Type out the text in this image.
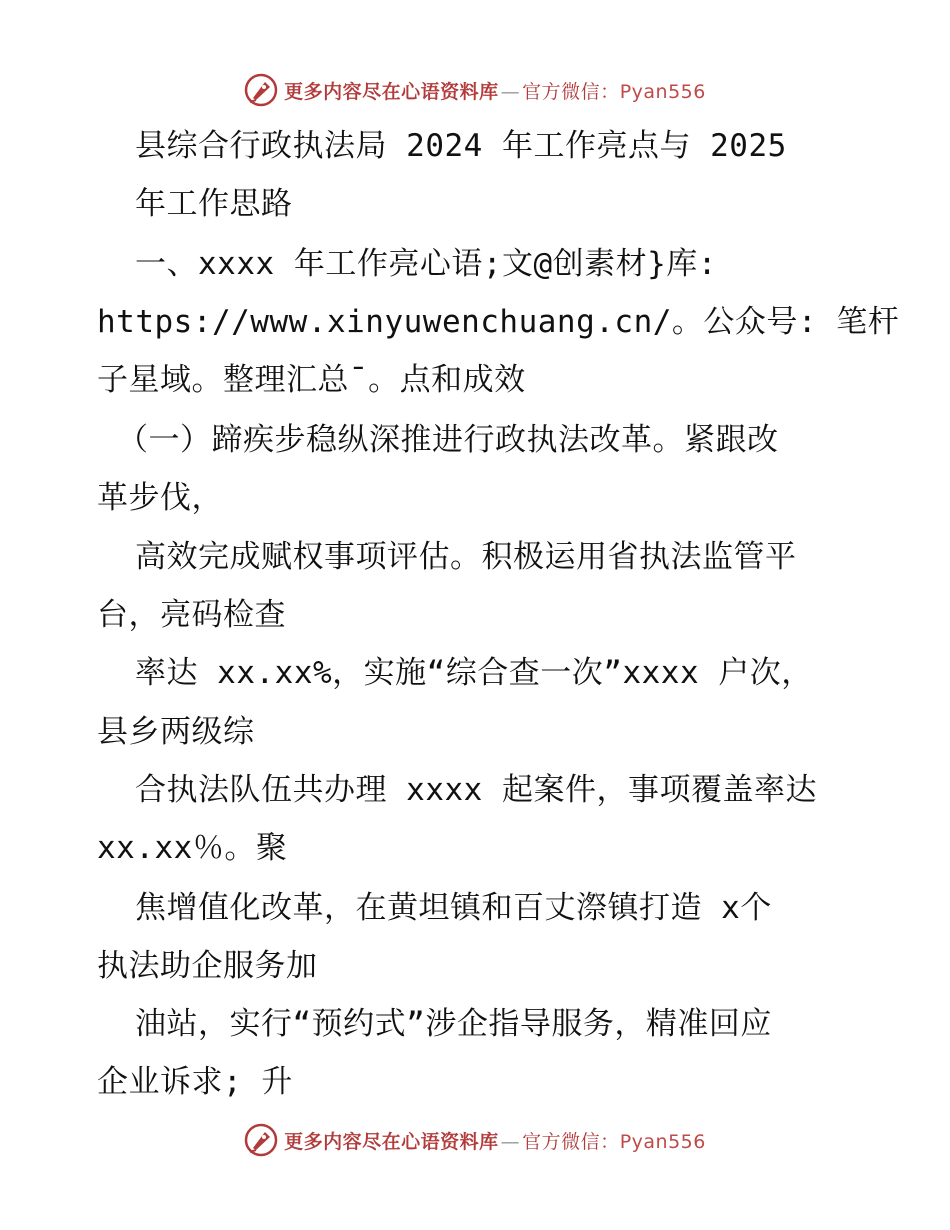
更多内容尽在心语资料库 — 官方微信：Pyan556
县综合行政执法局 2024 年工作亮点与 2025
年工作思路
一、xxxx 年工作亮心语;文@创素材}库:
https://www.xinyuwenchuang.cn/。公众号: 笔杆
子星域。整理汇总¯。点和成效
（一）蹄疾步稳纵深推进行政执法改革。紧跟改
革步伐，
高效完成赋权事项评估。积极运用省执法监管平
台，亮码检查
率达 xx.xx%，实施“综合查一次”xxxx 户次，
县乡两级综
合执法队伍共办理 xxxx 起案件，事项覆盖率达
xx.xx％。聚
焦增值化改革，在黄坦镇和百丈漈镇打造 x个
执法助企服务加
油站，实行“预约式”涉企指导服务，精准回应
企业诉求; 升
更多内容尽在心语资料库 — 官方微信：Pyan556
